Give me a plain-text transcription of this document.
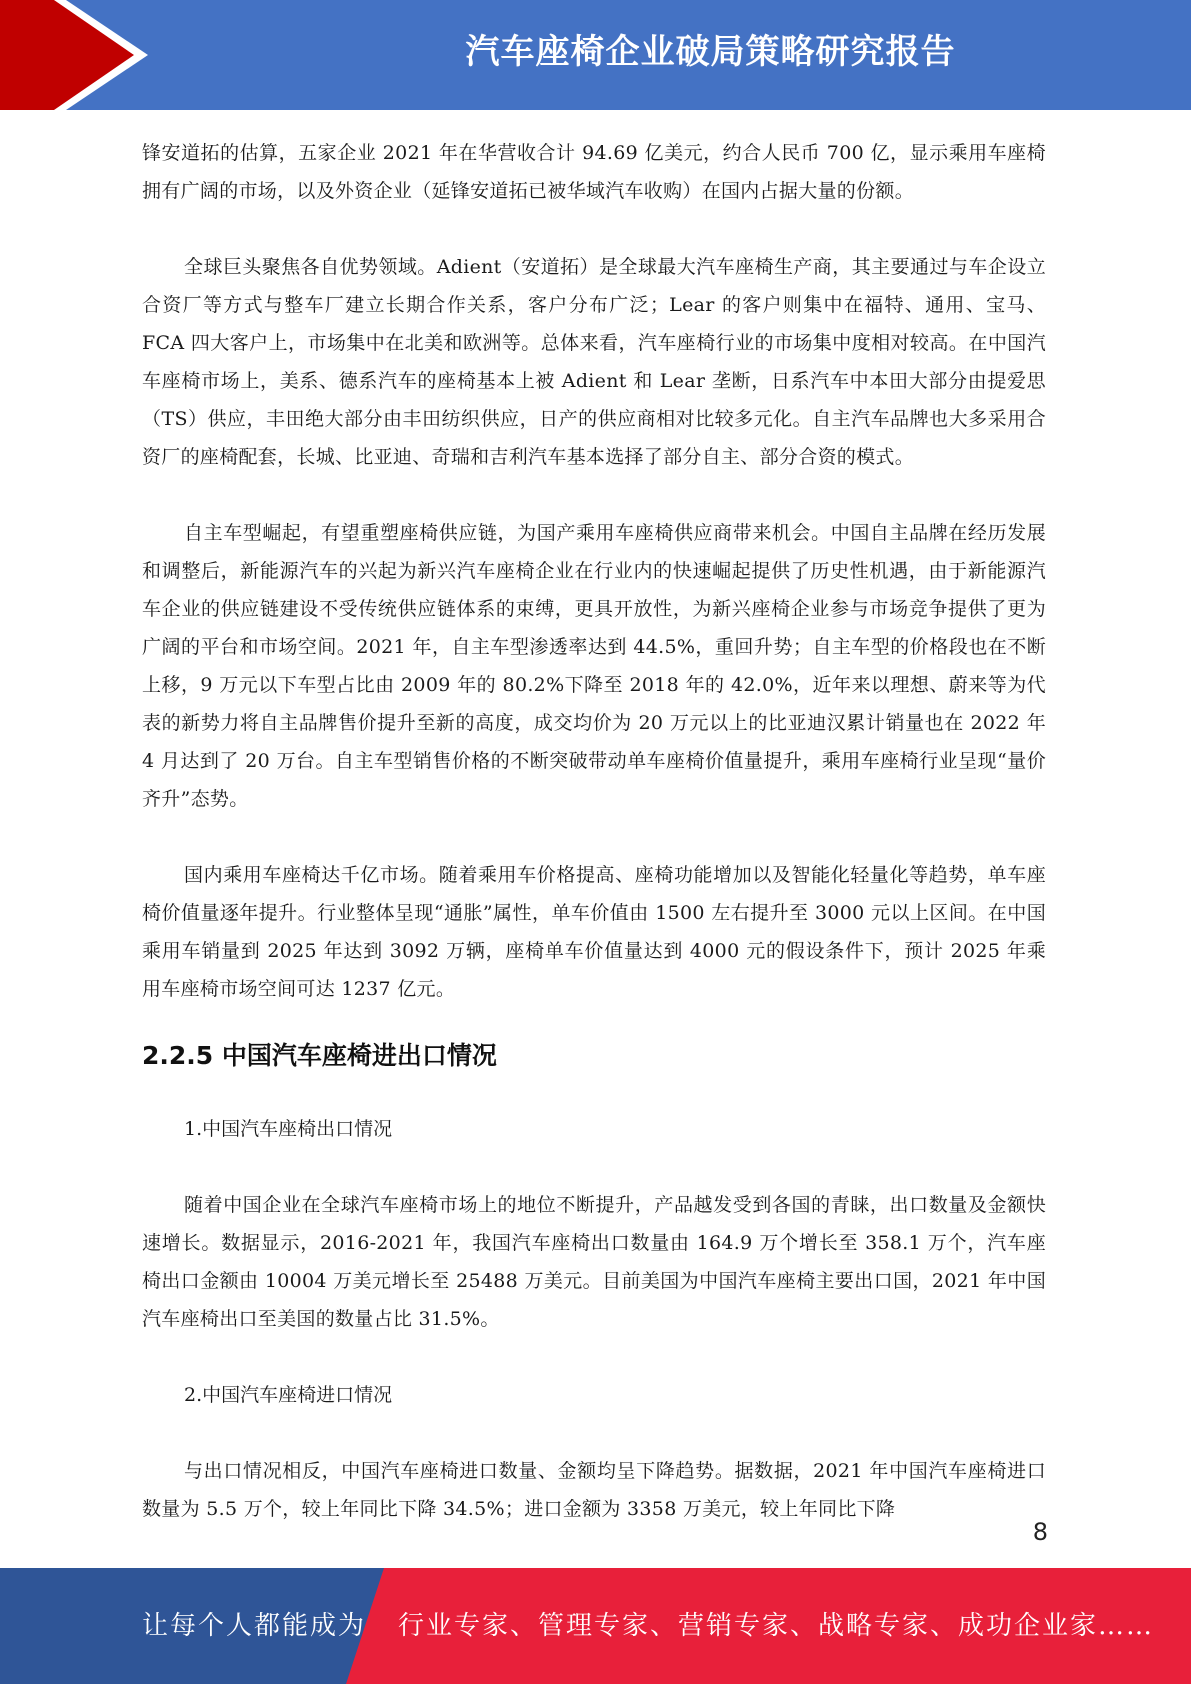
汽车座椅企业破局策略研究报告

锋安道拓的估算，五家企业 2021 年在华营收合计 94.69 亿美元，约合人民币 700 亿，显示乘用车座椅拥有广阔的市场，以及外资企业（延锋安道拓已被华域汽车收购）在国内占据大量的份额。

全球巨头聚焦各自优势领域。Adient（安道拓）是全球最大汽车座椅生产商，其主要通过与车企设立合资厂等方式与整车厂建立长期合作关系，客户分布广泛；Lear 的客户则集中在福特、通用、宝马、FCA 四大客户上，市场集中在北美和欧洲等。总体来看，汽车座椅行业的市场集中度相对较高。在中国汽车座椅市场上，美系、德系汽车的座椅基本上被 Adient 和 Lear 垄断，日系汽车中本田大部分由提爱思（TS）供应，丰田绝大部分由丰田纺织供应，日产的供应商相对比较多元化。自主汽车品牌也大多采用合资厂的座椅配套，长城、比亚迪、奇瑞和吉利汽车基本选择了部分自主、部分合资的模式。

自主车型崛起，有望重塑座椅供应链，为国产乘用车座椅供应商带来机会。中国自主品牌在经历发展和调整后，新能源汽车的兴起为新兴汽车座椅企业在行业内的快速崛起提供了历史性机遇，由于新能源汽车企业的供应链建设不受传统供应链体系的束缚，更具开放性，为新兴座椅企业参与市场竞争提供了更为广阔的平台和市场空间。2021 年，自主车型渗透率达到 44.5%，重回升势；自主车型的价格段也在不断上移，9 万元以下车型占比由 2009 年的 80.2%下降至 2018 年的 42.0%，近年来以理想、蔚来等为代表的新势力将自主品牌售价提升至新的高度，成交均价为 20 万元以上的比亚迪汉累计销量也在 2022 年 4 月达到了 20 万台。自主车型销售价格的不断突破带动单车座椅价值量提升，乘用车座椅行业呈现“量价齐升”态势。

国内乘用车座椅达千亿市场。随着乘用车价格提高、座椅功能增加以及智能化轻量化等趋势，单车座椅价值量逐年提升。行业整体呈现“通胀”属性，单车价值由 1500 左右提升至 3000 元以上区间。在中国乘用车销量到 2025 年达到 3092 万辆，座椅单车价值量达到 4000 元的假设条件下，预计 2025 年乘用车座椅市场空间可达 1237 亿元。

2.2.5 中国汽车座椅进出口情况

1.中国汽车座椅出口情况

随着中国企业在全球汽车座椅市场上的地位不断提升，产品越发受到各国的青睐，出口数量及金额快速增长。数据显示，2016-2021 年，我国汽车座椅出口数量由 164.9 万个增长至 358.1 万个，汽车座椅出口金额由 10004 万美元增长至 25488 万美元。目前美国为中国汽车座椅主要出口国，2021 年中国汽车座椅出口至美国的数量占比 31.5%。

2.中国汽车座椅进口情况

与出口情况相反，中国汽车座椅进口数量、金额均呈下降趋势。据数据，2021 年中国汽车座椅进口数量为 5.5 万个，较上年同比下降 34.5%；进口金额为 3358 万美元，较上年同比下降

8
让每个人都能成为 行业专家、管理专家、营销专家、战略专家、成功企业家……
